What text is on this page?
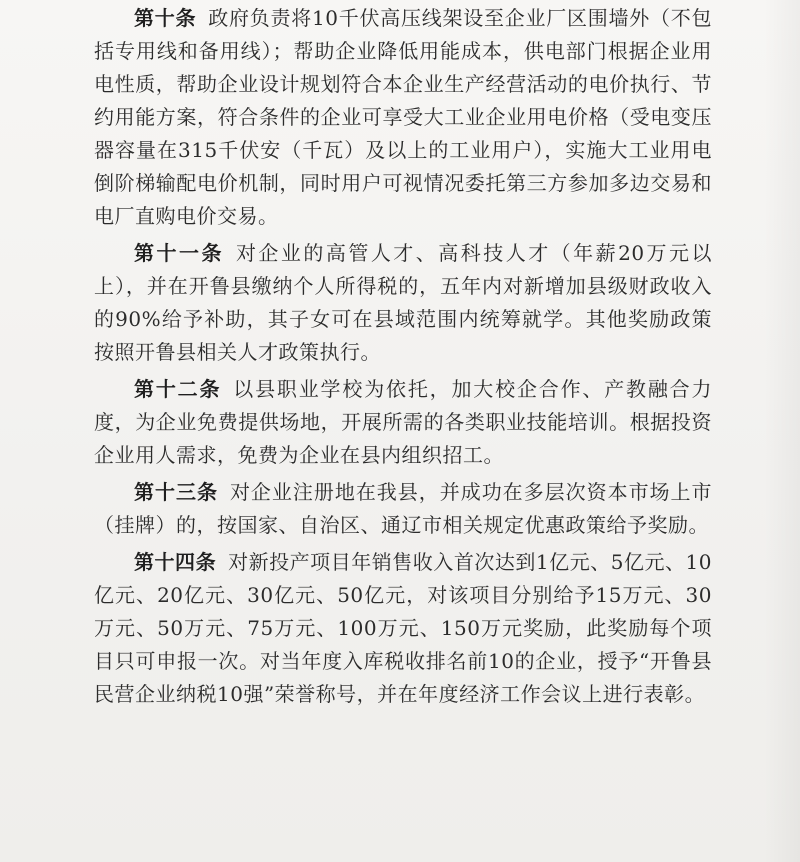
第十条 政府负责将10千伏高压线架设至企业厂区围墙外（不包括专用线和备用线）；帮助企业降低用能成本，供电部门根据企业用电性质，帮助企业设计规划符合本企业生产经营活动的电价执行、节约用能方案，符合条件的企业可享受大工业企业用电价格（受电变压器容量在315千伏安（千瓦）及以上的工业用户），实施大工业用电倒阶梯输配电价机制，同时用户可视情况委托第三方参加多边交易和电厂直购电价交易。

第十一条 对企业的高管人才、高科技人才（年薪20万元以上），并在开鲁县缴纳个人所得税的，五年内对新增加县级财政收入的90%给予补助，其子女可在县域范围内统筹就学。其他奖励政策按照开鲁县相关人才政策执行。

第十二条 以县职业学校为依托，加大校企合作、产教融合力度，为企业免费提供场地，开展所需的各类职业技能培训。根据投资企业用人需求，免费为企业在县内组织招工。

第十三条 对企业注册地在我县，并成功在多层次资本市场上市（挂牌）的，按国家、自治区、通辽市相关规定优惠政策给予奖励。

第十四条 对新投产项目年销售收入首次达到1亿元、5亿元、10亿元、20亿元、30亿元、50亿元，对该项目分别给予15万元、30万元、50万元、75万元、100万元、150万元奖励，此奖励每个项目只可申报一次。对当年度入库税收排名前10的企业，授予“开鲁县民营企业纳税10强”荣誉称号，并在年度经济工作会议上进行表彰。
